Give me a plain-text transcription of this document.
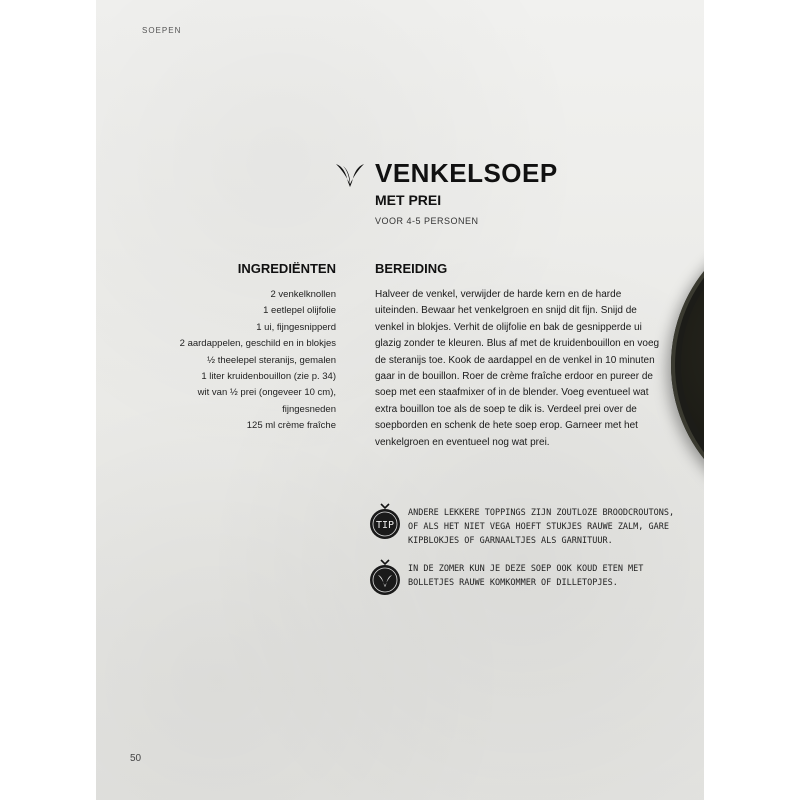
SOEPEN
VENKELSOEP
MET PREI
VOOR 4-5 PERSONEN
INGREDIËNTEN
2 venkelknollen
1 eetlepel olijfolie
1 ui, fijngesnipperd
2 aardappelen, geschild en in blokjes
½ theelepel steranijs, gemalen
1 liter kruidenbouillon (zie p. 34)
wit van ½ prei (ongeveer 10 cm),
fijngesneden
125 ml crème fraîche
BEREIDING

Halveer de venkel, verwijder de harde kern en de harde uiteinden. Bewaar het venkelgroen en snijd dit fijn. Snijd de venkel in blokjes. Verhit de olijfolie en bak de gesnipperde ui glazig zonder te kleuren. Blus af met de kruidenbouillon en voeg de steranijs toe. Kook de aardappel en de venkel in 10 minuten gaar in de bouillon. Roer de crème fraîche erdoor en pureer de soep met een staafmixer of in de blender. Voeg eventueel wat extra bouillon toe als de soep te dik is. Verdeel prei over de soepborden en schenk de hete soep erop. Garneer met het venkelgroen en eventueel nog wat prei.

TIP
ANDERE LEKKERE TOPPINGS ZIJN ZOUTLOZE BROODCROUTONS, OF ALS HET NIET VEGA HOEFT STUKJES RAUWE ZALM, GARE KIPBLOKJES OF GARNAALTJES ALS GARNITUUR.
IN DE ZOMER KUN JE DEZE SOEP OOK KOUD ETEN MET BOLLETJES RAUWE KOMKOMMER OF DILLETOPJES.
50
